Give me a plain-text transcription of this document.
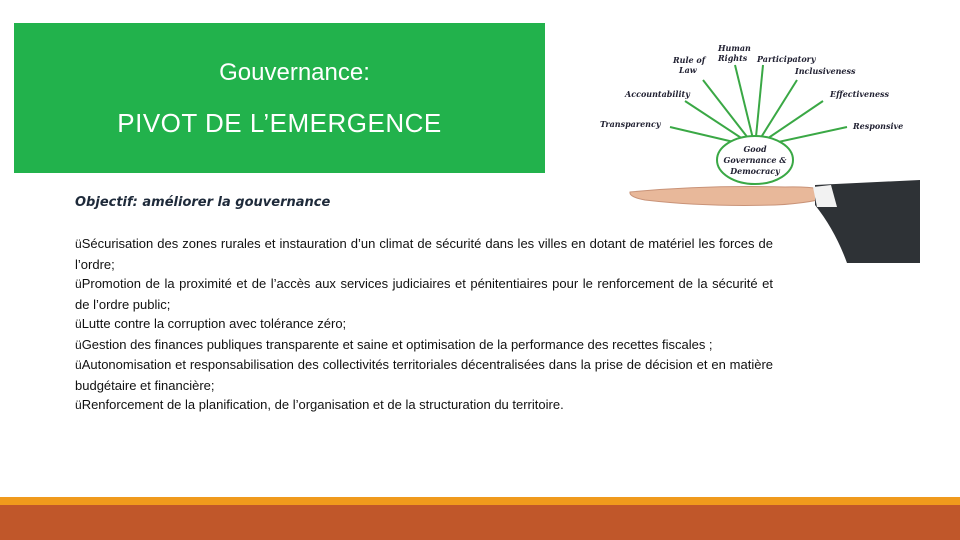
Gouvernance:
PIVOT DE L’EMERGENCE
Rule of
Law
Human
Rights Participatory
Inclusiveness
Accountability	Effectiveness
Transparency	Responsive
Good
Governance &
Democracy
Objectif: améliorer la gouvernance

üSécurisation des zones rurales et instauration d’un climat de sécurité dans les villes en dotant de matériel les forces de l’ordre;

üPromotion de la proximité et de l’accès aux services judiciaires et pénitentiaires pour le renforcement de la sécurité et de l’ordre public;

üLutte contre la corruption avec tolérance zéro;

üGestion des finances publiques transparente et saine et optimisation de la performance des recettes fiscales ;

üAutonomisation et responsabilisation des collectivités territoriales décentralisées dans la prise de décision et en matière budgétaire et financière;

üRenforcement de la planification, de l’organisation et de la structuration du territoire.
